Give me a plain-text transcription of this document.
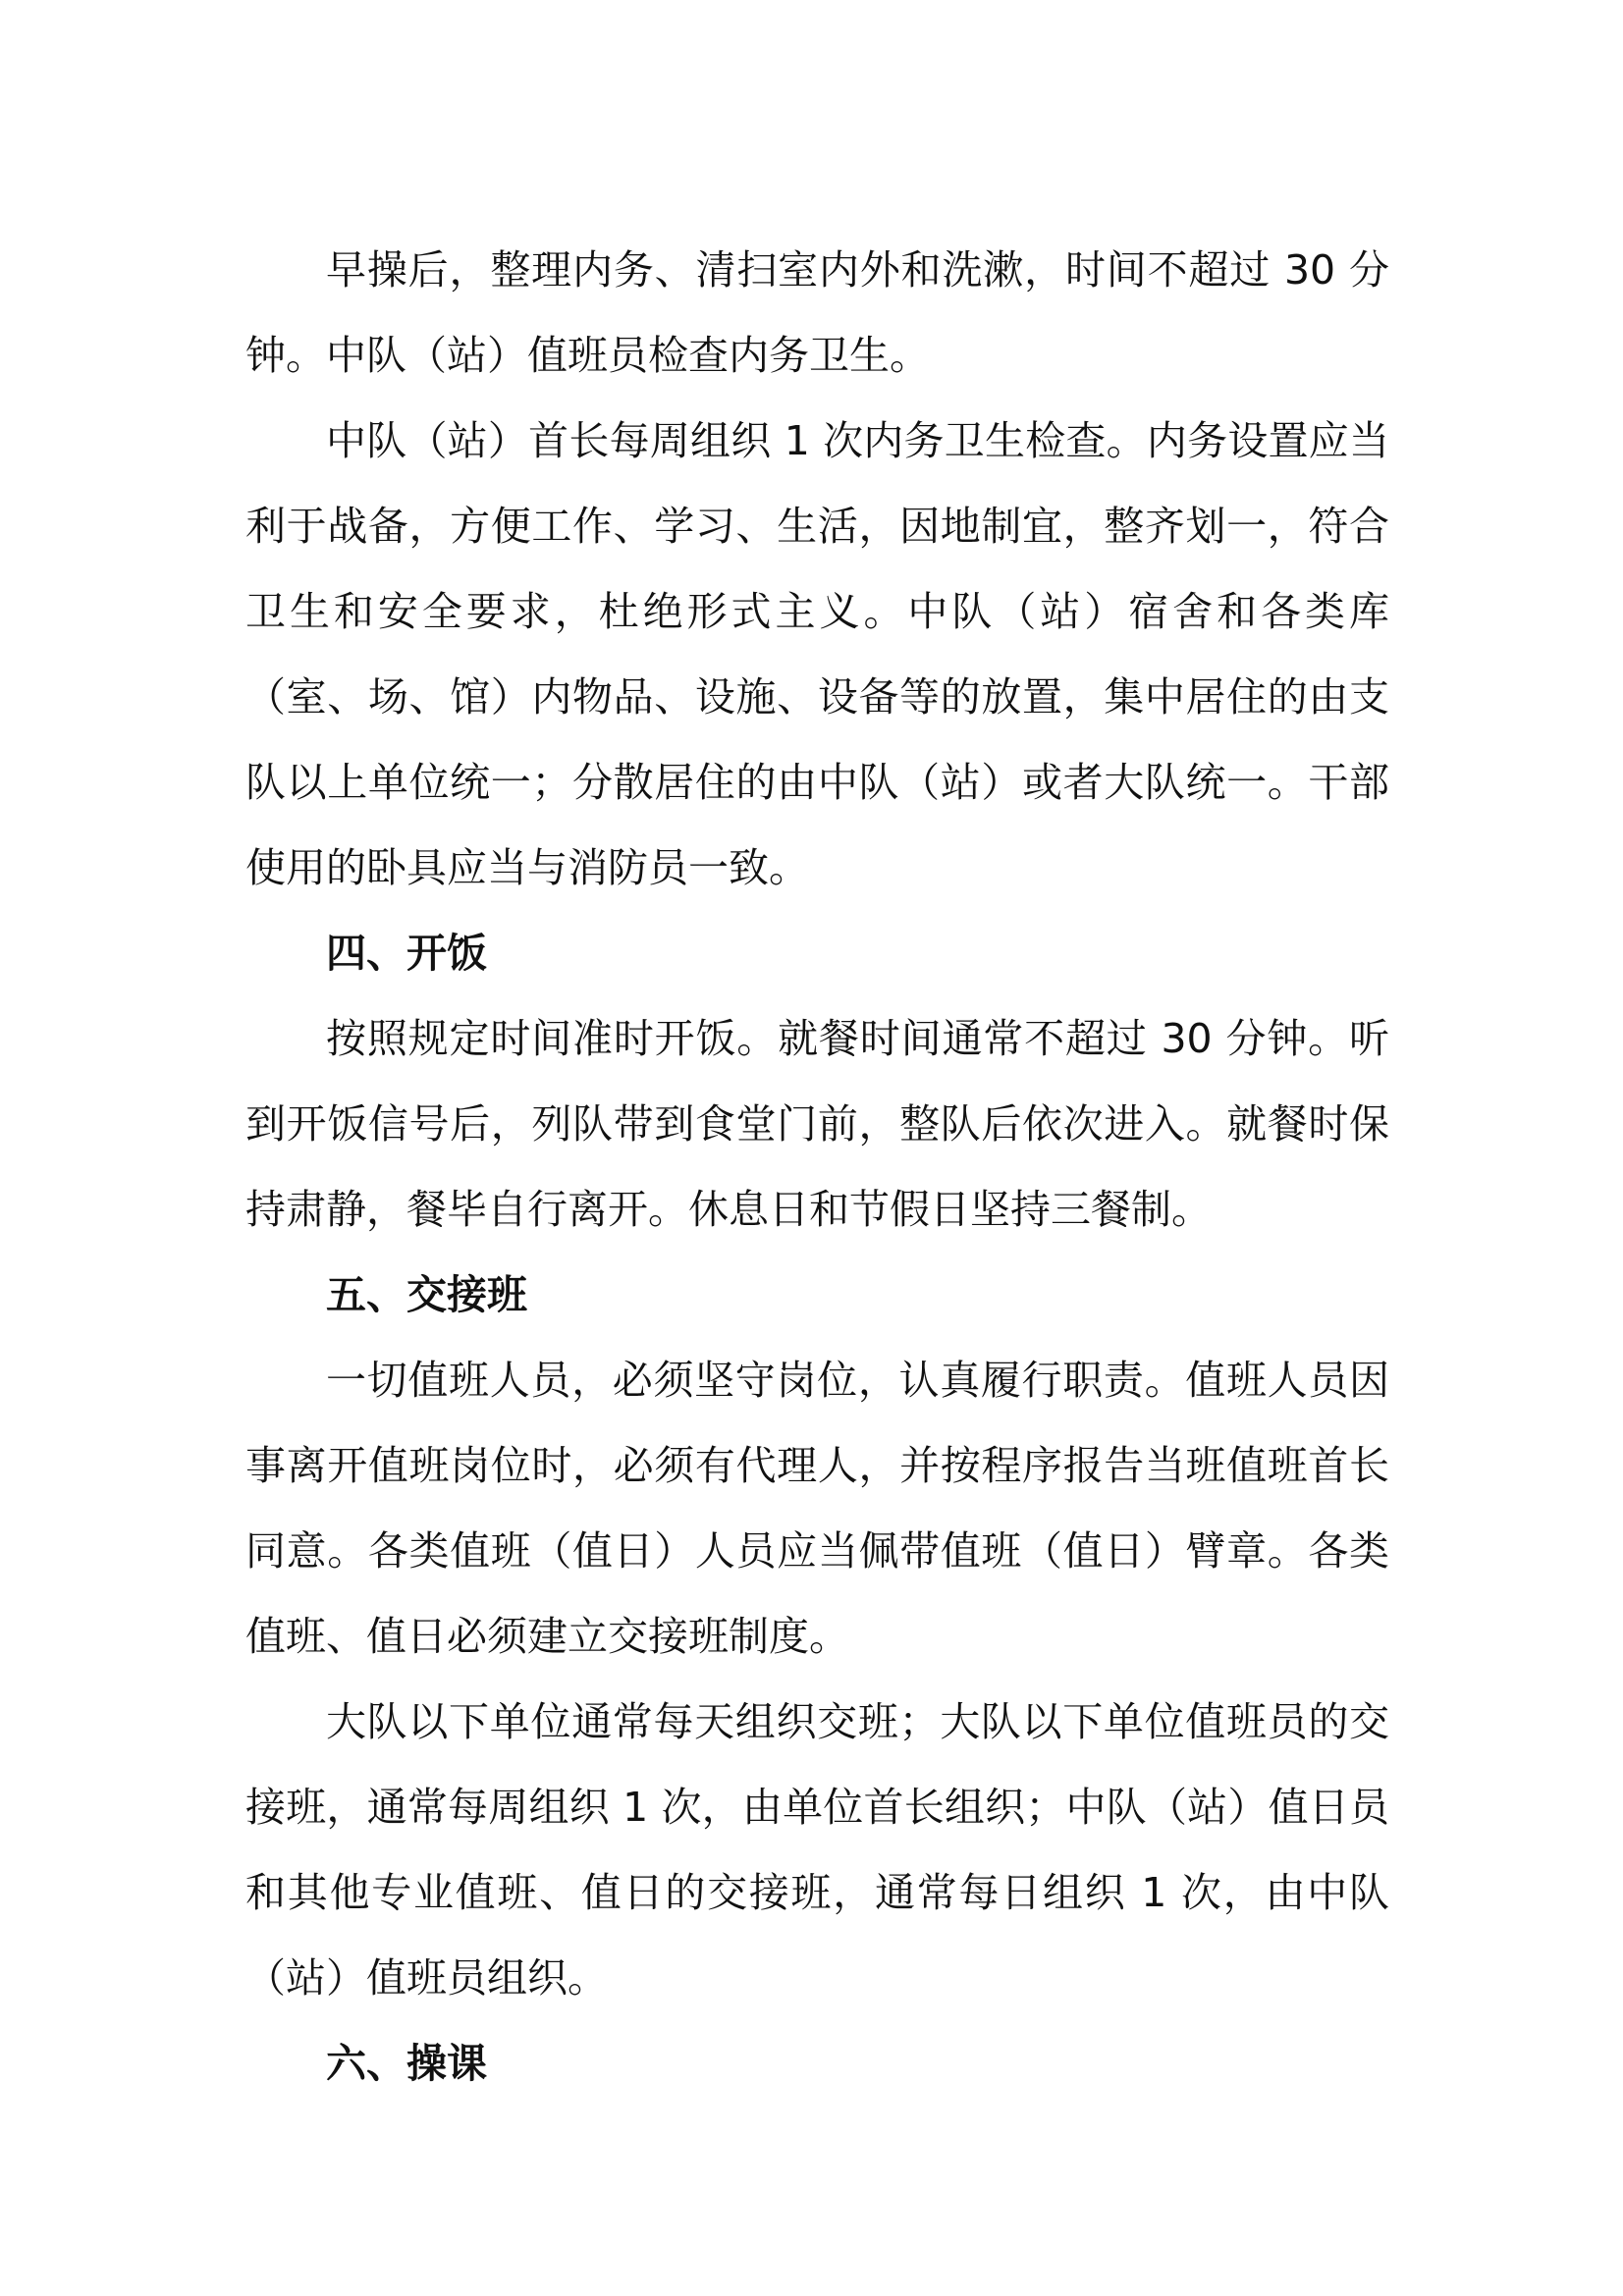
早操后，整理内务、清扫室内外和洗漱，时间不超过 30 分钟。中队（站）值班员检查内务卫生。

中队（站）首长每周组织 1 次内务卫生检查。内务设置应当利于战备，方便工作、学习、生活，因地制宜，整齐划一，符合卫生和安全要求，杜绝形式主义。中队（站）宿舍和各类库（室、场、馆）内物品、设施、设备等的放置，集中居住的由支队以上单位统一；分散居住的由中队（站）或者大队统一。干部使用的卧具应当与消防员一致。

四、开饭

按照规定时间准时开饭。就餐时间通常不超过 30 分钟。听到开饭信号后，列队带到食堂门前，整队后依次进入。就餐时保持肃静，餐毕自行离开。休息日和节假日坚持三餐制。

五、交接班

一切值班人员，必须坚守岗位，认真履行职责。值班人员因事离开值班岗位时，必须有代理人，并按程序报告当班值班首长同意。各类值班（值日）人员应当佩带值班（值日）臂章。各类值班、值日必须建立交接班制度。

大队以下单位通常每天组织交班；大队以下单位值班员的交接班，通常每周组织 1 次，由单位首长组织；中队（站）值日员和其他专业值班、值日的交接班，通常每日组织 1 次，由中队（站）值班员组织。

六、操课
